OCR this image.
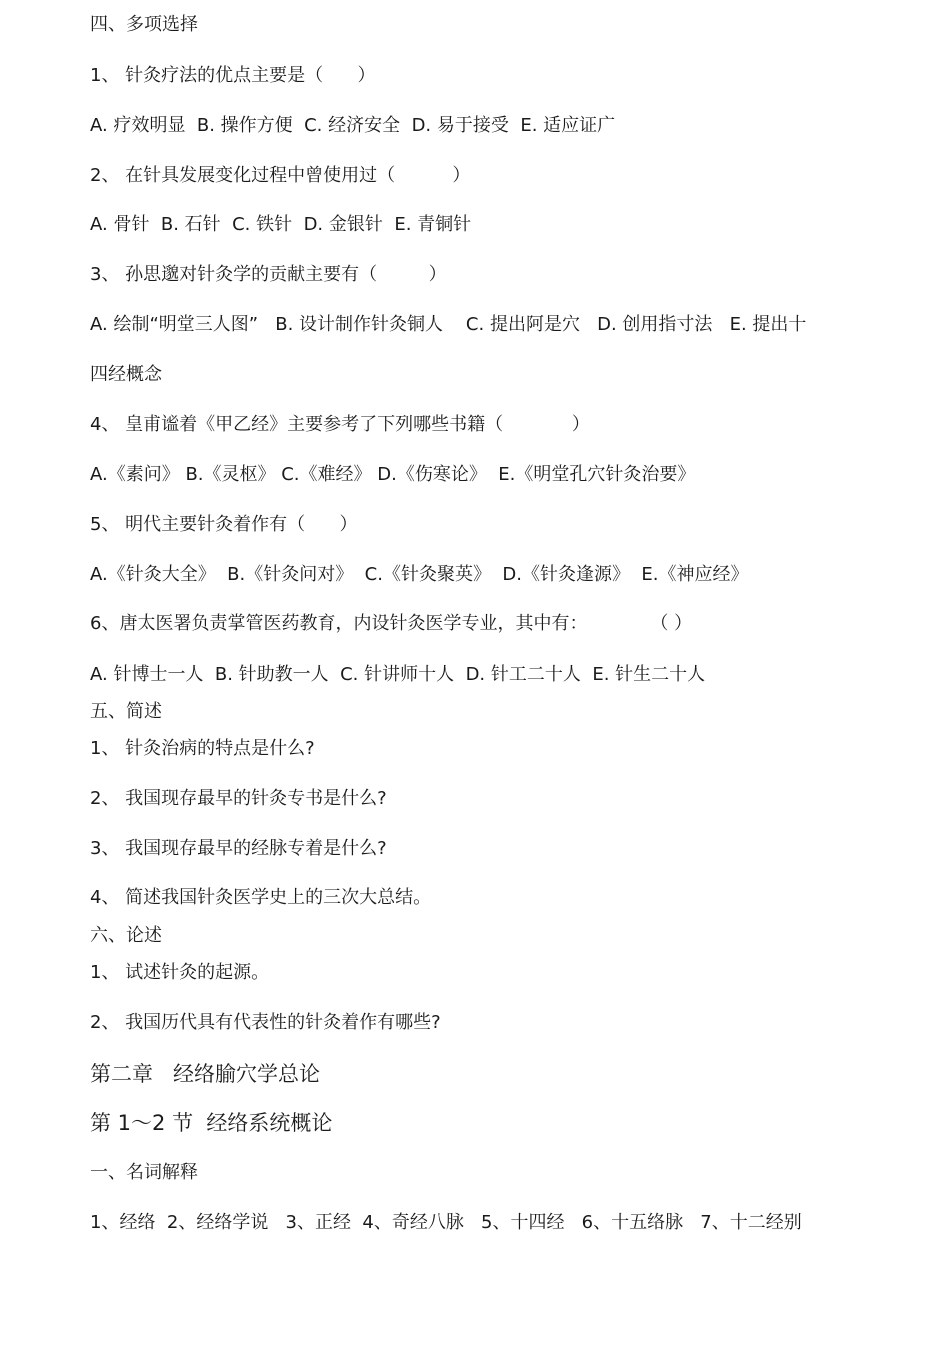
四、多项选择
1、 针灸疗法的优点主要是（      ）
A. 疗效明显  B. 操作方便  C. 经济安全  D. 易于接受  E. 适应证广
2、 在针具发展变化过程中曾使用过（          ）
A. 骨针  B. 石针  C. 铁针  D. 金银针  E. 青铜针
3、 孙思邈对针灸学的贡献主要有（         ）
A. 绘制“明堂三人图”   B. 设计制作针灸铜人    C. 提出阿是穴   D. 创用指寸法   E. 提出十
四经概念
4、 皇甫谧着《甲乙经》主要参考了下列哪些书籍（            ）
A.《素问》 B.《灵枢》 C.《难经》 D.《伤寒论》  E.《明堂孔穴针灸治要》
5、 明代主要针灸着作有（      ）
A.《针灸大全》  B.《针灸问对》  C.《针灸聚英》  D.《针灸逢源》  E.《神应经》
6、唐太医署负责掌管医药教育，内设针灸医学专业，其中有：           （ ）
A. 针博士一人  B. 针助教一人  C. 针讲师十人  D. 针工二十人  E. 针生二十人
五、简述
1、 针灸治病的特点是什么?
2、 我国现存最早的针灸专书是什么?
3、 我国现存最早的经脉专着是什么?
4、 简述我国针灸医学史上的三次大总结。
六、论述
1、 试述针灸的起源。
2、 我国历代具有代表性的针灸着作有哪些?
第二章   经络腧穴学总论
第 1～2 节  经络系统概论
一、名词解释
1、经络  2、经络学说   3、正经  4、奇经八脉   5、十四经   6、十五络脉   7、十二经别
